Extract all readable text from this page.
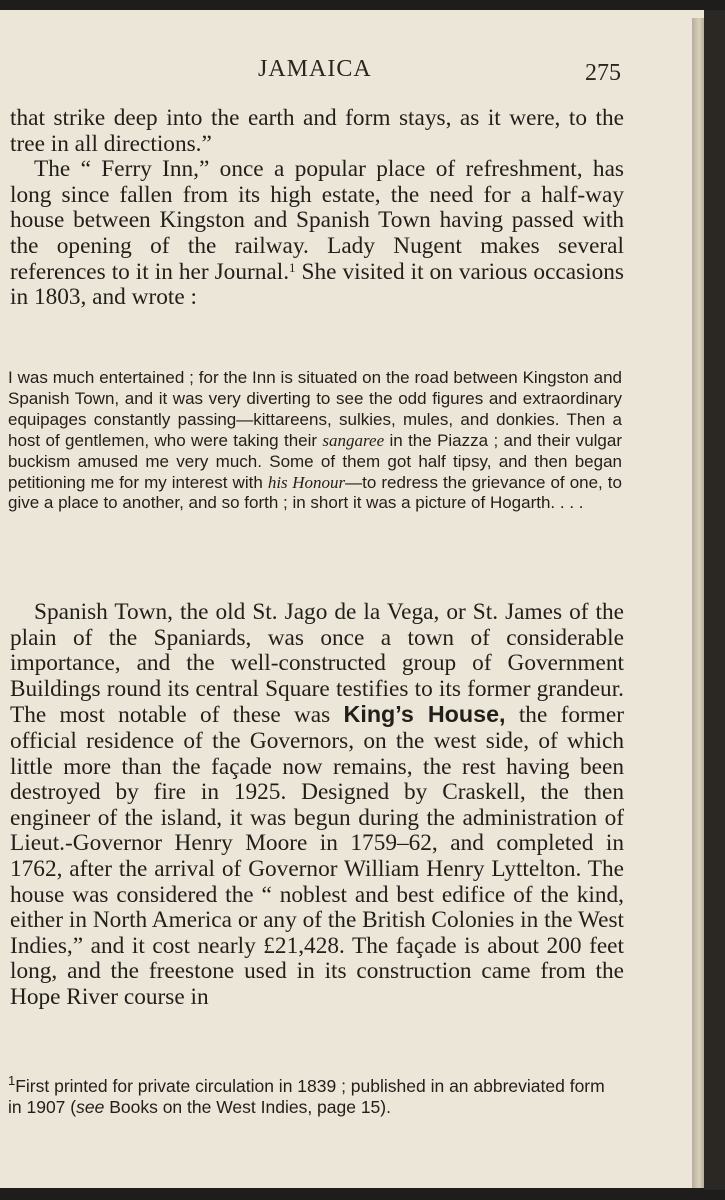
JAMAICA	275

that strike deep into the earth and form stays, as it were, to the tree in all directions.”

The “ Ferry Inn,” once a popular place of refreshment, has long since fallen from its high estate, the need for a half-way house between Kingston and Spanish Town having passed with the opening of the railway. Lady Nugent makes several references to it in her Journal.$^1$ She visited it on various occasions in 1803, and wrote :

I was much entertained ; for the Inn is situated on the road between Kingston and Spanish Town, and it was very diverting to see the odd figures and extraordinary equipages constantly passing—kittareens, sulkies, mules, and donkies. Then a host of gentlemen, who were taking their sangaree in the Piazza ; and their vulgar buckism amused me very much. Some of them got half tipsy, and then began petitioning me for my interest with his Honour—to redress the grievance of one, to give a place to another, and so forth ; in short it was a picture of Hogarth. . . .

Spanish Town, the old St. Jago de la Vega, or St. James of the plain of the Spaniards, was once a town of considerable importance, and the well-constructed group of Government Buildings round its central Square testifies to its former grandeur. The most notable of these was King’s House, the former official residence of the Governors, on the west side, of which little more than the façade now remains, the rest having been destroyed by fire in 1925. Designed by Craskell, the then engineer of the island, it was begun during the administration of Lieut.-Governor Henry Moore in 1759–62, and completed in 1762, after the arrival of Governor William Henry Lyttelton. The house was considered the “ noblest and best edifice of the kind, either in North America or any of the British Colonies in the West Indies,” and it cost nearly £21,428. The façade is about 200 feet long, and the freestone used in its construction came from the Hope River course in

$^1$First printed for private circulation in 1839 ; published in an abbreviated form in 1907 (see Books on the West Indies, page 15).
